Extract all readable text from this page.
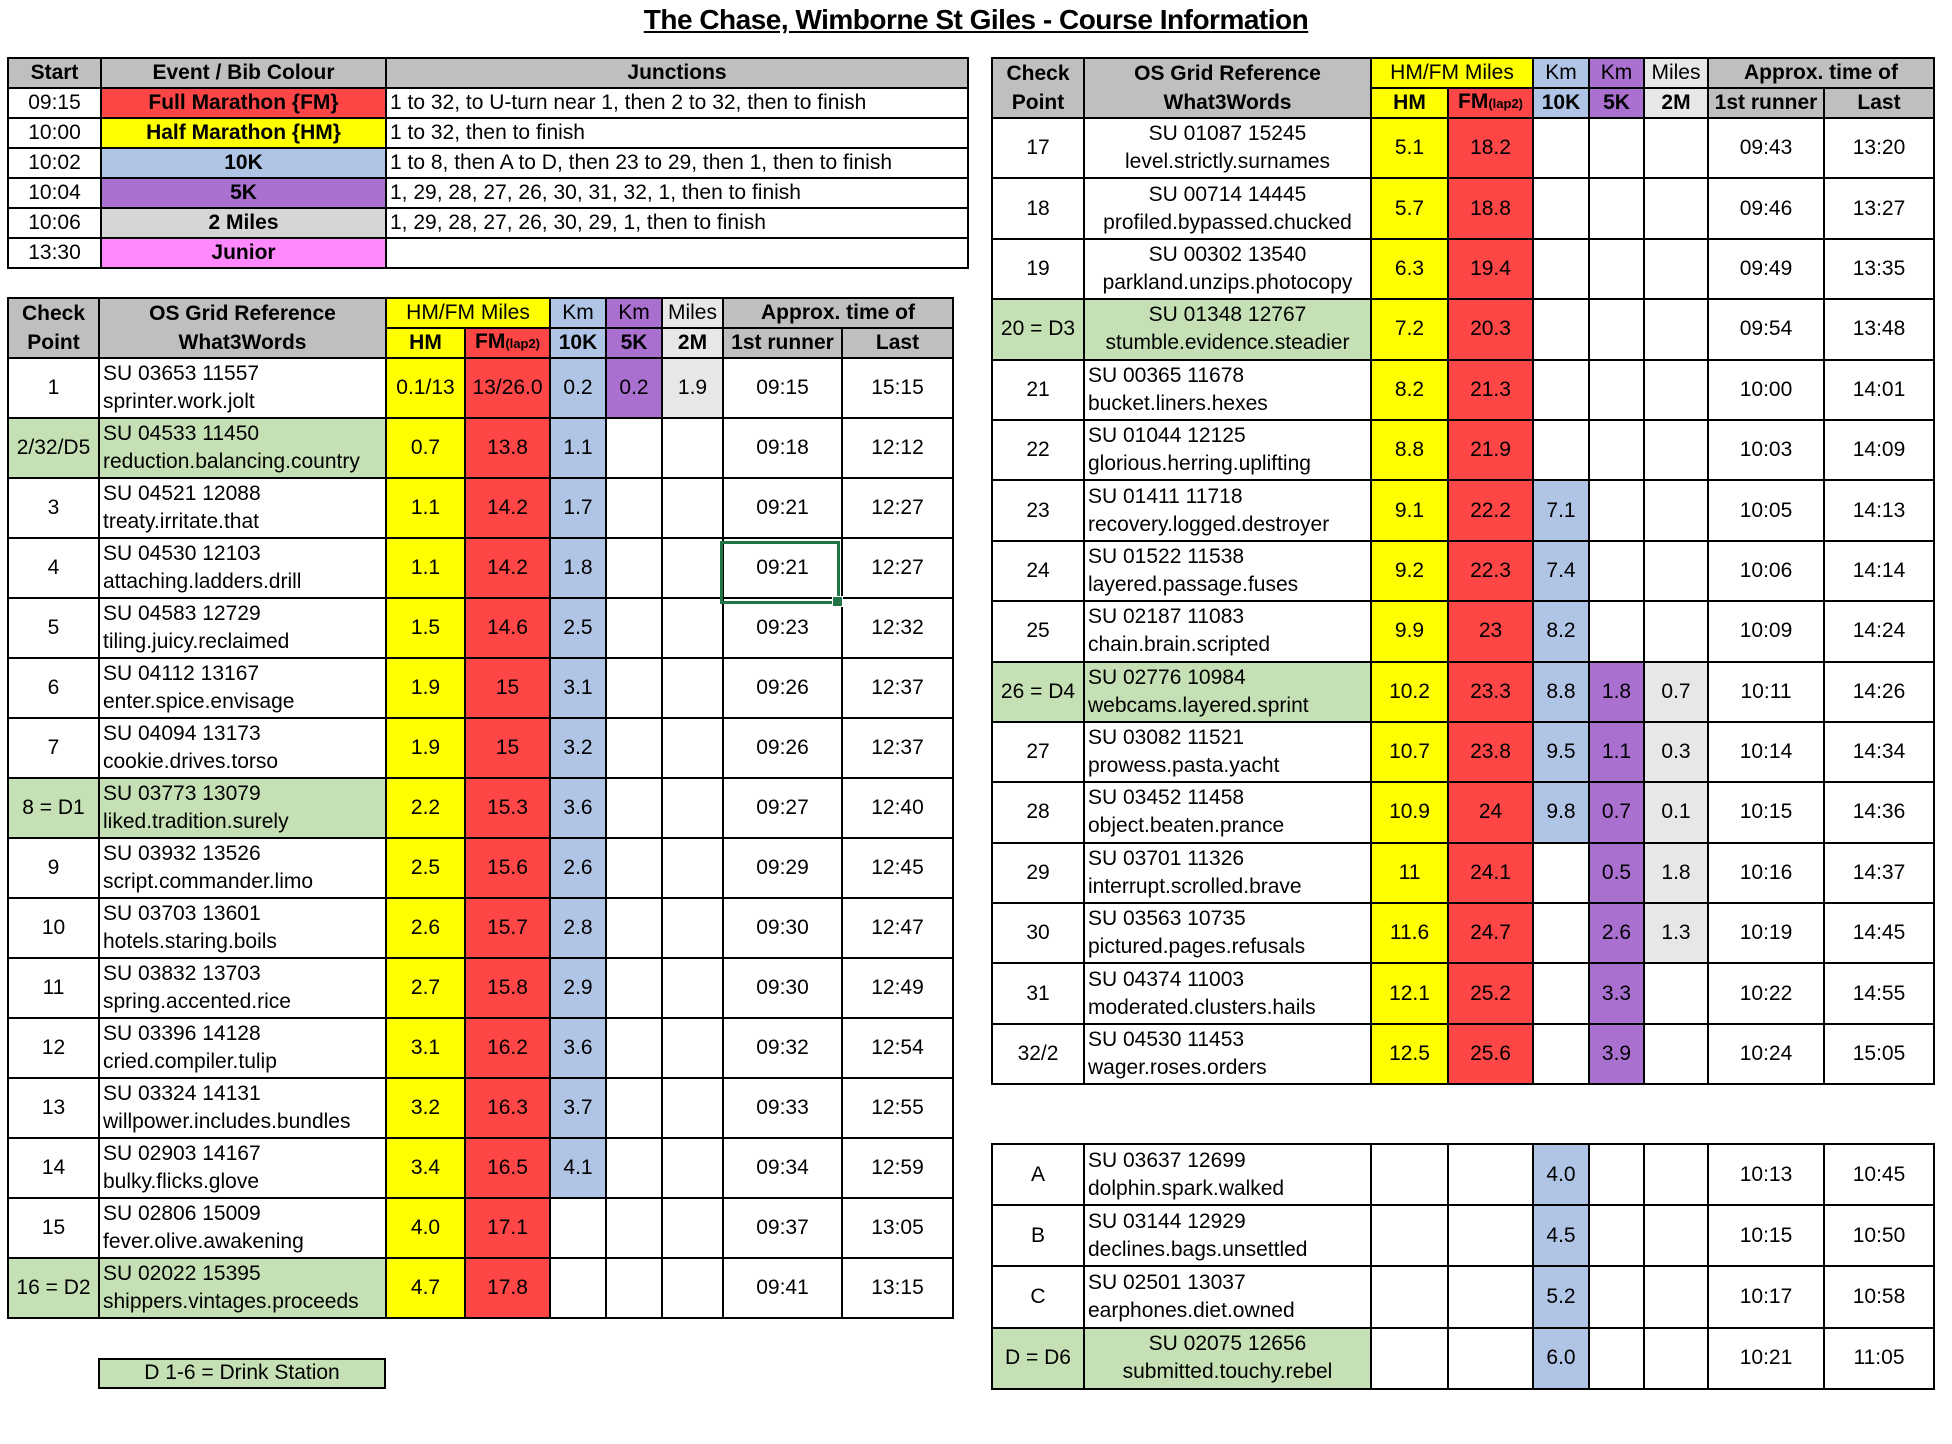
The Chase, Wimborne St Giles - Course Information
Start	Event / Bib Colour	Junctions
09:15	Full Marathon {FM}	1 to 32, to U-turn near 1, then 2 to 32, then to finish
10:00	Half Marathon {HM}	1 to 32, then to finish
10:02	10K	1 to 8, then A to D, then 23 to 29, then 1, then to finish
10:04	5K	1, 29, 28, 27, 26, 30, 31, 32, 1, then to finish
10:06	2 Miles	1, 29, 28, 27, 26, 30, 29, 1, then to finish
13:30	Junior	
Check	OS Grid Reference	HM/FM Miles		Km	Km	Miles	Approx. time of	
Point	What3Words	HM	FM(lap2)	10K	5K	2M	1st runner	Last
1	SU 03653 11557
sprinter.work.jolt	0.1/13	13/26.0	0.2	0.2	1.9	09:15	15:15
2/32/D5	SU 04533 11450
reduction.balancing.country	0.7	13.8	1.1			09:18	12:12
3	SU 04521 12088
treaty.irritate.that	1.1	14.2	1.7			09:21	12:27
4	SU 04530 12103
attaching.ladders.drill	1.1	14.2	1.8			09:21	12:27
5	SU 04583 12729
tiling.juicy.reclaimed	1.5	14.6	2.5			09:23	12:32
6	SU 04112 13167
enter.spice.envisage	1.9	15	3.1			09:26	12:37
7	SU 04094 13173
cookie.drives.torso	1.9	15	3.2			09:26	12:37
8 = D1	SU 03773 13079
liked.tradition.surely	2.2	15.3	3.6			09:27	12:40
9	SU 03932 13526
script.commander.limo	2.5	15.6	2.6			09:29	12:45
10	SU 03703 13601
hotels.staring.boils	2.6	15.7	2.8			09:30	12:47
11	SU 03832 13703
spring.accented.rice	2.7	15.8	2.9			09:30	12:49
12	SU 03396 14128
cried.compiler.tulip	3.1	16.2	3.6			09:32	12:54
13	SU 03324 14131
willpower.includes.bundles	3.2	16.3	3.7			09:33	12:55
14	SU 02903 14167
bulky.flicks.glove	3.4	16.5	4.1			09:34	12:59
15	SU 02806 15009
fever.olive.awakening	4.0	17.1				09:37	13:05
16 = D2	SU 02022 15395
shippers.vintages.proceeds	4.7	17.8				09:41	13:15
Check	OS Grid Reference	HM/FM Miles		Km	Km	Miles	Approx. time of	
Point	What3Words	HM	FM(lap2)	10K	5K	2M	1st runner	Last
17	SU 01087 15245
level.strictly.surnames	5.1	18.2				09:43	13:20
18	SU 00714 14445
profiled.bypassed.chucked	5.7	18.8				09:46	13:27
19	SU 00302 13540
parkland.unzips.photocopy	6.3	19.4				09:49	13:35
20 = D3	SU 01348 12767
stumble.evidence.steadier	7.2	20.3				09:54	13:48
21	SU 00365 11678
bucket.liners.hexes	8.2	21.3				10:00	14:01
22	SU 01044 12125
glorious.herring.uplifting	8.8	21.9				10:03	14:09
23	SU 01411 11718
recovery.logged.destroyer	9.1	22.2	7.1			10:05	14:13
24	SU 01522 11538
layered.passage.fuses	9.2	22.3	7.4			10:06	14:14
25	SU 02187 11083
chain.brain.scripted	9.9	23	8.2			10:09	14:24
26 = D4	SU 02776 10984
webcams.layered.sprint	10.2	23.3	8.8	1.8	0.7	10:11	14:26
27	SU 03082 11521
prowess.pasta.yacht	10.7	23.8	9.5	1.1	0.3	10:14	14:34
28	SU 03452 11458
object.beaten.prance	10.9	24	9.8	0.7	0.1	10:15	14:36
29	SU 03701 11326
interrupt.scrolled.brave	11	24.1		0.5	1.8	10:16	14:37
30	SU 03563 10735
pictured.pages.refusals	11.6	24.7		2.6	1.3	10:19	14:45
31	SU 04374 11003
moderated.clusters.hails	12.1	25.2		3.3		10:22	14:55
32/2	SU 04530 11453
wager.roses.orders	12.5	25.6		3.9		10:24	15:05
A	SU 03637 12699
dolphin.spark.walked			4.0			10:13	10:45
B	SU 03144 12929
declines.bags.unsettled			4.5			10:15	10:50
C	SU 02501 13037
earphones.diet.owned			5.2			10:17	10:58
D = D6	SU 02075 12656
submitted.touchy.rebel			6.0			10:21	11:05
D 1-6 = Drink Station
